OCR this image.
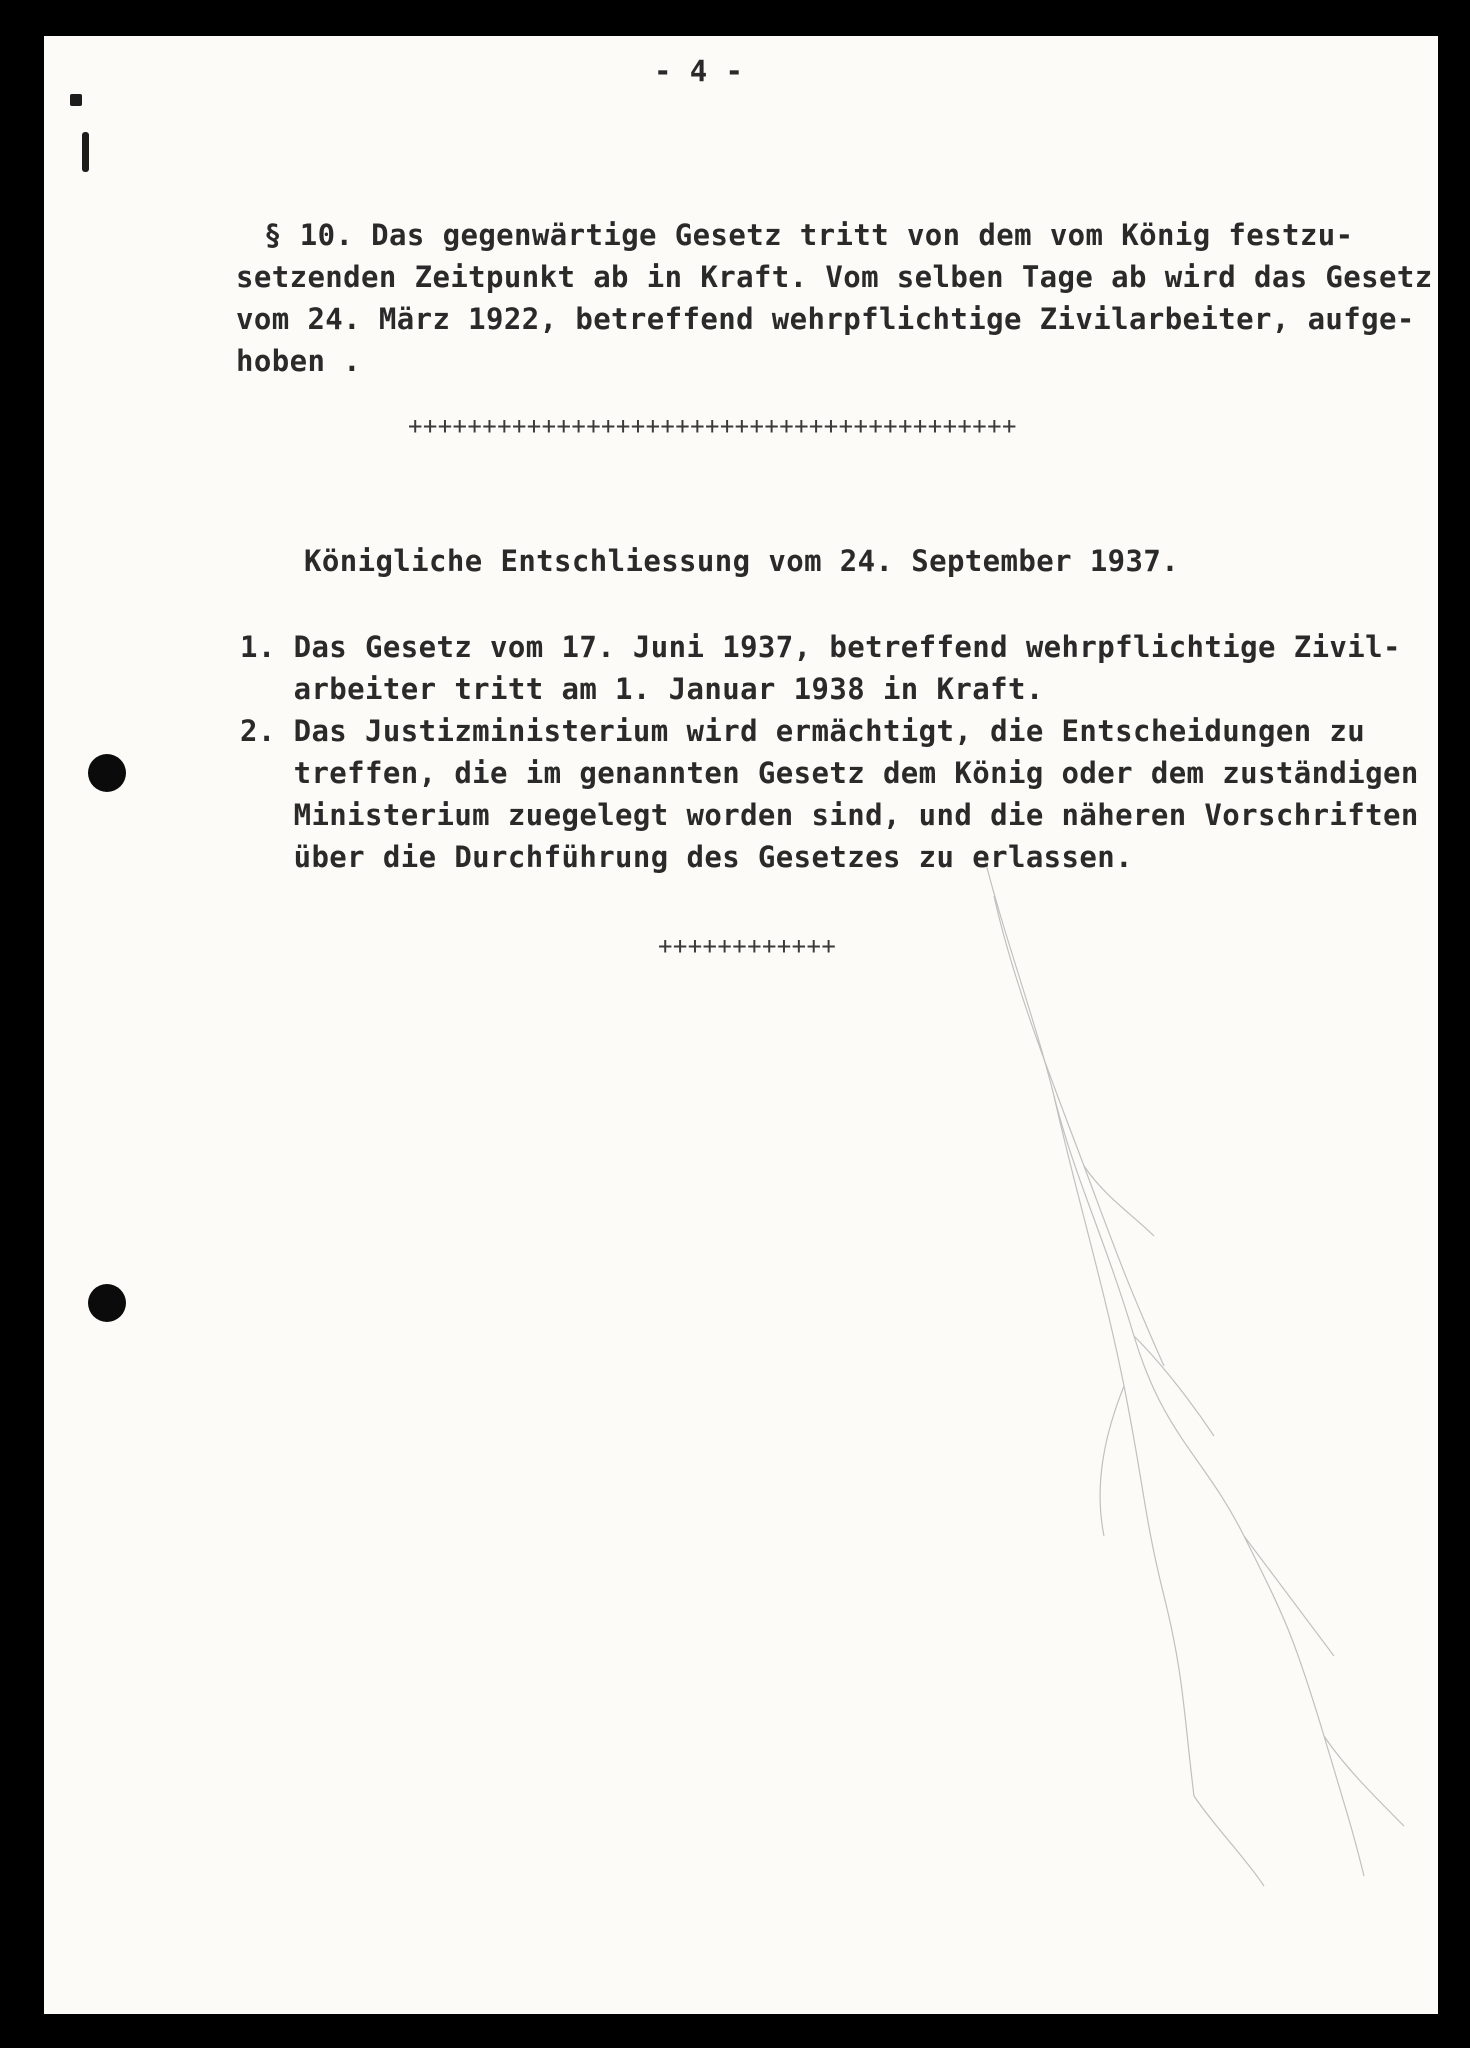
- 4 -
§ 10. Das gegenwärtige Gesetz tritt von dem vom König festzu-
setzenden Zeitpunkt ab in Kraft. Vom selben Tage ab wird das Gesetz
vom 24. März 1922, betreffend wehrpflichtige Zivilarbeiter, aufge-
hoben .
+++++++++++++++++++++++++++++++++++++++++
Königliche Entschliessung vom 24. September 1937.
1. Das Gesetz vom 17. Juni 1937, betreffend wehrpflichtige Zivil-
arbeiter tritt am 1. Januar 1938 in Kraft.
2. Das Justizministerium wird ermächtigt, die Entscheidungen zu
treffen, die im genannten Gesetz dem König oder dem zuständigen
Ministerium zuegelegt worden sind, und die näheren Vorschriften
über die Durchführung des Gesetzes zu erlassen.
++++++++++++
